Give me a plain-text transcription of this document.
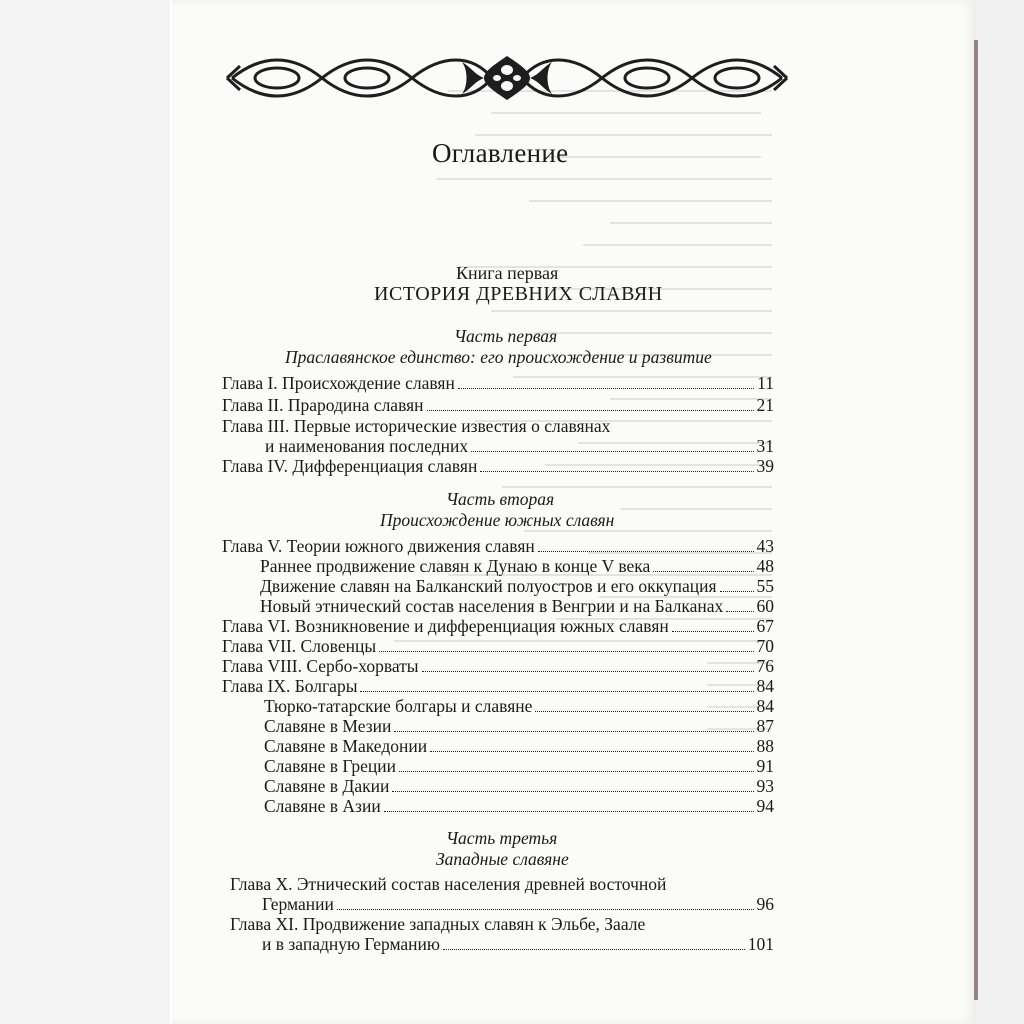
Оглавление
Книга первая
ИСТОРИЯ ДРЕВНИХ СЛАВЯН
Часть первая
Праславянское единство: его происхождение и развитие
Глава I. Происхождение славян	11
Глава II. Прародина славян	21
Глава III. Первые исторические известия о славянах
и наименования последних	31
Глава IV. Дифференциация славян	39
Часть вторая
Происхождение южных славян
Глава V. Теории южного движения славян	43
Раннее продвижение славян к Дунаю в конце V века	48
Движение славян на Балканский полуостров и его оккупация 55
Новый этнический состав населения в Венгрии и на Балканах 60
Глава VI. Возникновение и дифференциация южных славян	67
Глава VII. Словенцы	70
Глава VIII. Сербо-хорваты	76
Глава IX. Болгары	84
Тюрко-татарские болгары и славяне	84
Славяне в Мезии	87
Славяне в Македонии	88
Славяне в Греции	91
Славяне в Дакии	93
Славяне в Азии	94
Часть третья
Западные славяне
Глава X. Этнический состав населения древней восточной
Германии	96
Глава XI. Продвижение западных славян к Эльбе, Заале
и в западную Германию	101
